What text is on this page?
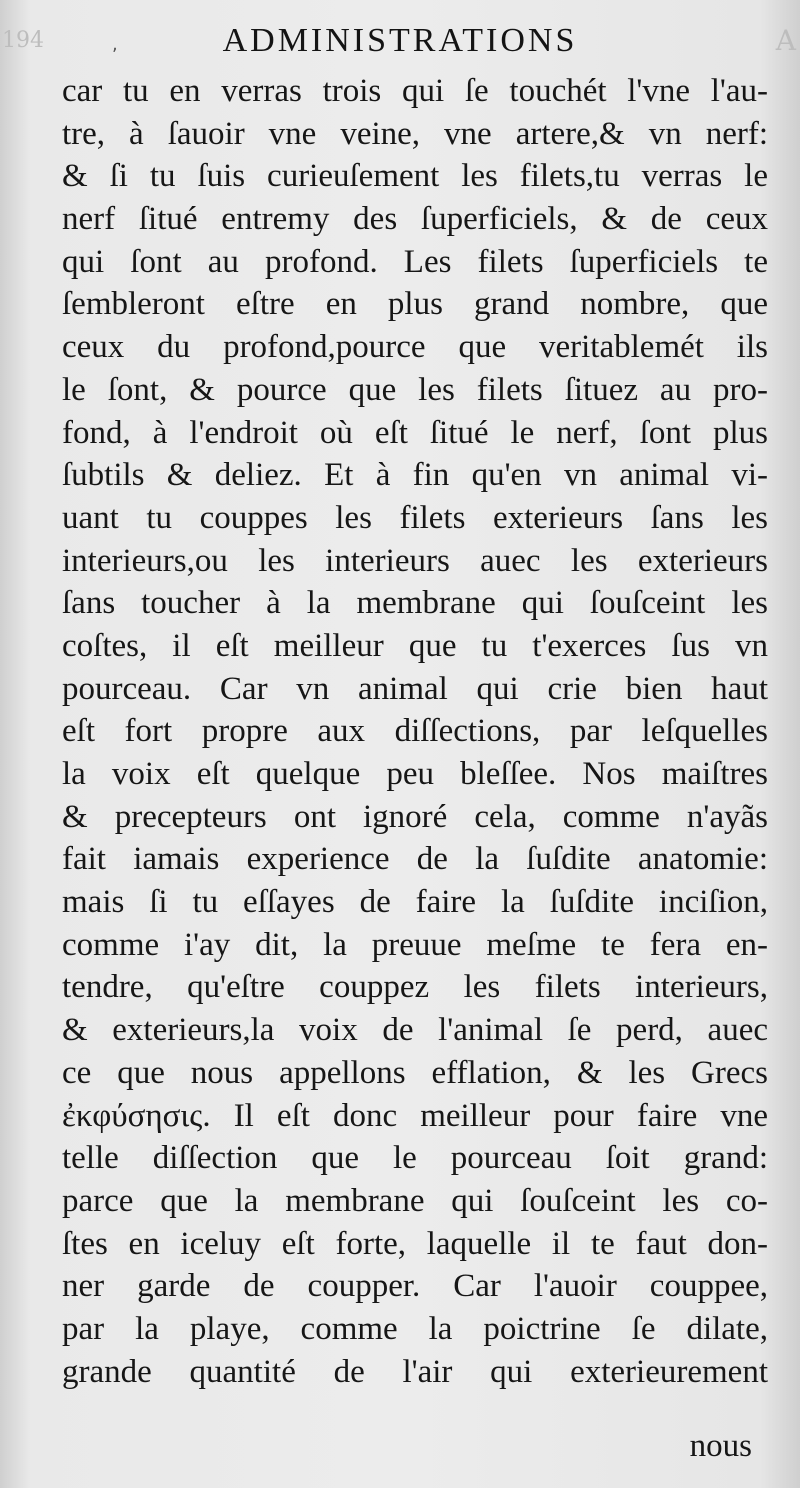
194	A
,	ADMINISTRATIONS
car tu en verras trois qui ſe touchét l'vne l'au-
tre, à ſauoir vne veine, vne artere,& vn nerf:
& ſi tu ſuis curieuſement les filets,tu verras le
nerf ſitué entremy des ſuperficiels, & de ceux
qui ſont au profond. Les filets ſuperficiels te
ſembleront eſtre en plus grand nombre, que
ceux du profond,pource que veritablemét ils
le ſont, & pource que les filets ſituez au pro-
fond, à l'endroit où eſt ſitué le nerf, ſont plus
ſubtils & deliez. Et à fin qu'en vn animal vi-
uant tu couppes les filets exterieurs ſans les
interieurs,ou les interieurs auec les exterieurs
ſans toucher à la membrane qui ſouſceint les
coſtes, il eſt meilleur que tu t'exerces ſus vn
pourceau. Car vn animal qui crie bien haut
eſt fort propre aux diſſections, par leſquelles
la voix eſt quelque peu bleſſee. Nos maiſtres
& precepteurs ont ignoré cela, comme n'ayãs
fait iamais experience de la ſuſdite anatomie:
mais ſi tu eſſayes de faire la ſuſdite inciſion,
comme i'ay dit, la preuue meſme te fera en-
tendre, qu'eſtre couppez les filets interieurs,
& exterieurs,la voix de l'animal ſe perd, auec
ce que nous appellons efflation, & les Grecs
ἐκφύσησις. Il eſt donc meilleur pour faire vne
telle diſſection que le pourceau ſoit grand:
parce que la membrane qui ſouſceint les co-
ſtes en iceluy eſt forte, laquelle il te faut don-
ner garde de coupper. Car l'auoir couppee,
par la playe, comme la poictrine ſe dilate,
grande quantité de l'air qui exterieurement
nous
